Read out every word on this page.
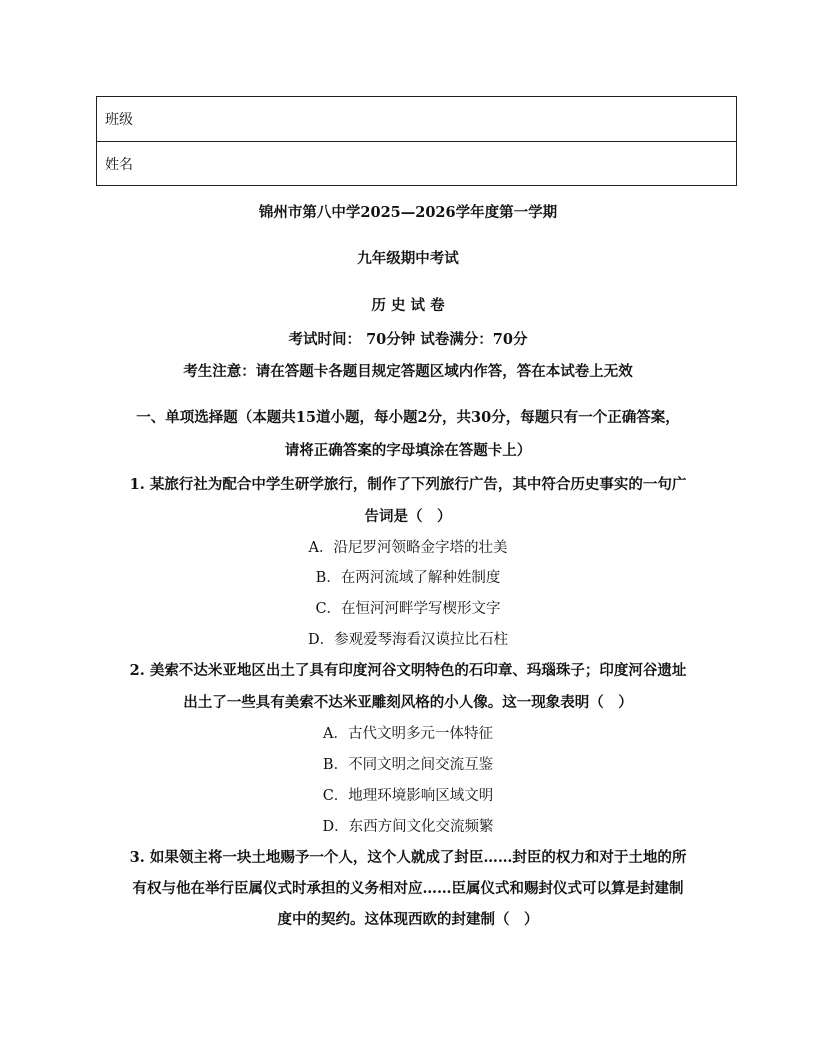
班级
姓名
锦州市第八中学2025—2026学年度第一学期
九年级期中考试
历 史 试 卷
考试时间： 70分钟 试卷满分：70分
考生注意：请在答题卡各题目规定答题区域内作答，答在本试卷上无效
一、单项选择题（本题共15道小题，每小题2分，共30分，每题只有一个正确答案，
请将正确答案的字母填涂在答题卡上）
1. 某旅行社为配合中学生研学旅行，制作了下列旅行广告，其中符合历史事实的一句广
告词是（　）
A．沿尼罗河领略金字塔的壮美
B．在两河流域了解种姓制度
C．在恒河河畔学写楔形文字
D．参观爱琴海看汉谟拉比石柱
2. 美索不达米亚地区出土了具有印度河谷文明特色的石印章、玛瑙珠子；印度河谷遗址
出土了一些具有美索不达米亚雕刻风格的小人像。这一现象表明（　）
A．古代文明多元一体特征
B．不同文明之间交流互鉴
C．地理环境影响区域文明
D．东西方间文化交流频繁
3. 如果领主将一块土地赐予一个人，这个人就成了封臣……封臣的权力和对于土地的所
有权与他在举行臣属仪式时承担的义务相对应……臣属仪式和赐封仪式可以算是封建制
度中的契约。这体现西欧的封建制（　）
